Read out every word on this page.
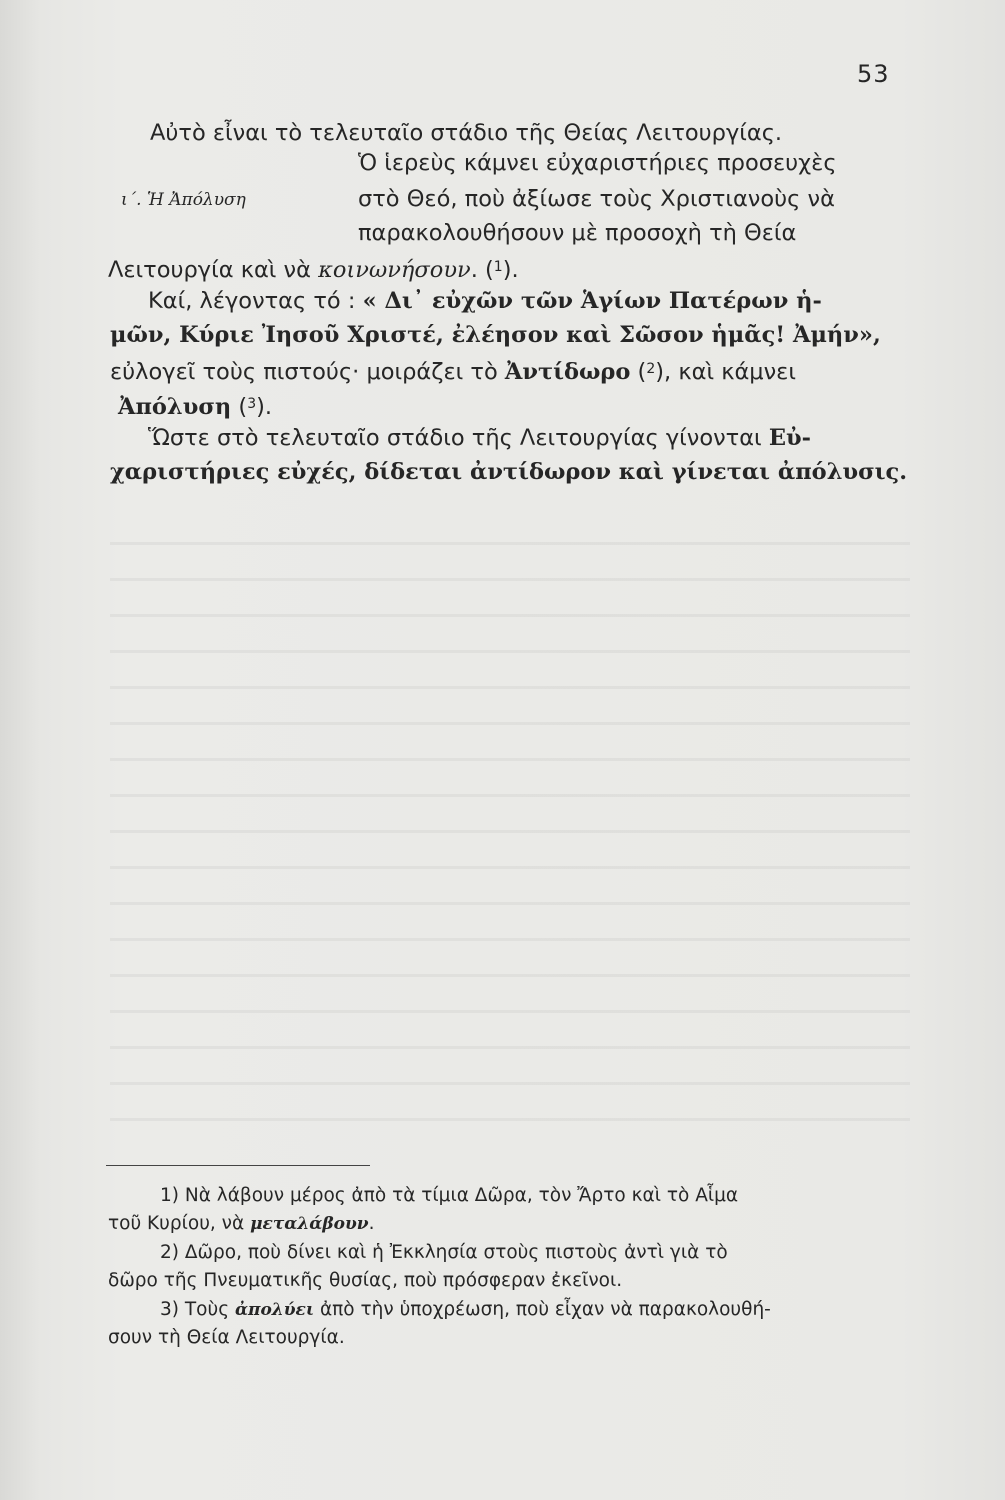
53
Αὐτὸ εἶναι τὸ τελευταῖο στάδιο τῆς Θείας Λειτουργίας.
Ὁ ἱερεὺς κάμνει εὐχαριστήριες προσευχὲς
ι΄. Ἡ Ἀπόλυση	στὸ Θεό, ποὺ ἀξίωσε τοὺς Χριστιανοὺς νὰ
παρακολουθήσουν μὲ προσοχὴ τὴ Θεία
Λειτουργία καὶ νὰ κοινωνήσουν. ($^1$).
Καί, λέγοντας τό : « Δι᾽ εὐχῶν τῶν Ἁγίων Πατέρων ἡ-
μῶν, Κύριε Ἰησοῦ Χριστέ, ἐλέησον καὶ Σῶσον ἡμᾶς! Ἀμήν»,
εὐλογεῖ τοὺς πιστούς· μοιράζει τὸ Ἀντίδωρο ($^2$), καὶ κάμνει
Ἀπόλυση ($^3$).
Ὥστε στὸ τελευταῖο στάδιο τῆς Λειτουργίας γίνονται Εὐ-
χαριστήριες εὐχές, δίδεται ἀντίδωρον καὶ γίνεται ἀπόλυσις.
1) Νὰ λάβουν μέρος ἀπὸ τὰ τίμια Δῶρα, τὸν Ἄρτο καὶ τὸ Αἷμα
τοῦ Κυρίου, νὰ μεταλάβουν.
2) Δῶρο, ποὺ δίνει καὶ ἡ Ἐκκλησία στοὺς πιστοὺς ἀντὶ γιὰ τὸ
δῶρο τῆς Πνευματικῆς θυσίας, ποὺ πρόσφεραν ἐκεῖνοι.
3) Τοὺς ἀπολύει ἀπὸ τὴν ὑποχρέωση, ποὺ εἶχαν νὰ παρακολουθή-
σουν τὴ Θεία Λειτουργία.
